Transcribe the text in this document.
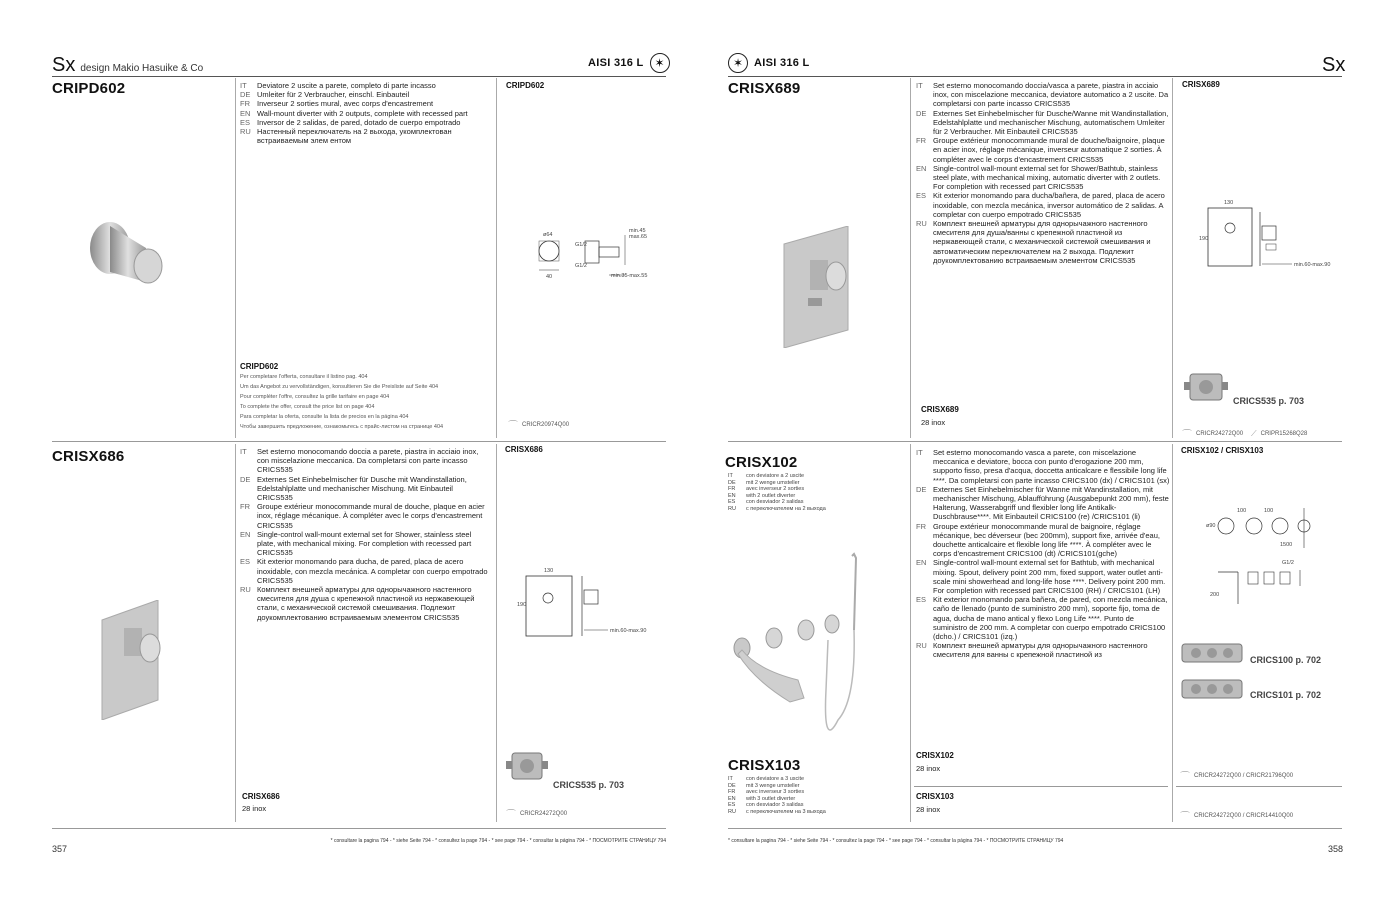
Sx design Makio Hasuike & Co	AISI 316 L ✶	✶ AISI 316 L	Sx
CRIPD602	IT	Deviatore 2 uscite a parete, completo di parte incasso
DE Umleiter für 2 Verbraucher, einschl. Einbauteil
FR Inverseur 2 sorties mural, avec corps d'encastrement
EN Wall-mount diverter with 2 outputs, complete with recessed part
ES Inversor de 2 salidas, de pared, dotado de cuerpo empotrado
RU Настенный переключатель на 2 выхода, укомплектован встраиваемым элем ентом
CRIPD602
Per completare l'offerta, consultare il listino pag. 404
Um das Angebot zu vervollständigen, konsultieren Sie die Preisliste auf Seite 404
Pour compléter l'offre, consultez la grille tarifaire en page 404
To complete the offer, consult the price list on page 404
Para completar la oferta, consulte la lista de precios en la página 404
Чтобы завершить предложение, ознакомьтесь с прайс-листом на странице 404
CRIPD602
ø64
G1/2
G1/2
40
min.45
max.65
min.35-max.55
⌒ CRICR20974Q00
CRISX686	IT	Set esterno monocomando doccia a parete, piastra in acciaio inox, con miscelazione meccanica. Da completarsi con parte incasso CRICS535
DE Externes Set Einhebelmischer für Dusche mit Wandinstallation, Edelstahlplatte und mechanischer Mischung. Mit Einbauteil CRICS535
FR Groupe extérieur monocommande mural de douche, plaque en acier inox, réglage mécanique. À compléter avec le corps d'encastrement CRICS535
EN Single-control wall-mount external set for Shower, stainless steel plate, with mechanical mixing. For completion with recessed part CRICS535
ES Kit exterior monomando para ducha, de pared, placa de acero inoxidable, con mezcla mecánica. A completar con cuerpo empotrado CRICS535
RU Комплект внешней арматуры для однорычажного настенного смесителя для душа с крепежной пластиной из нержавеющей стали, с механической системой смешивания. Подлежит доукомплектованию встраиваемым элементом CRICS535
CRISX686
28 inox
CRISX686
130
190
min.60-max.90
CRICS535 p. 703
⌒ CRICR24272Q00
357
* consultare la pagina 794 - * siehe Seite 794 - * consultez la page 794 - * see page 794 - * consultar la página 794 - * ПОСМОТРИТЕ СТРАНИЦУ 794
CRISX689	IT	Set esterno monocomando doccia/vasca a parete, piastra in acciaio inox, con miscelazione meccanica, deviatore automatico a 2 uscite. Da completarsi con parte incasso CRICS535
DE Externes Set Einhebelmischer für Dusche/Wanne mit Wandinstallation, Edelstahlplatte und mechanischer Mischung, automatischem Umleiter für 2 Verbraucher. Mit Einbauteil CRICS535
FR Groupe extérieur monocommande mural de douche/baignoire, plaque en acier inox, réglage mécanique, inverseur automatique 2 sorties. À compléter avec le corps d'encastrement CRICS535
EN Single-control wall-mount external set for Shower/Bathtub, stainless steel plate, with mechanical mixing, automatic diverter with 2 outlets. For completion with recessed part CRICS535
ES Kit exterior monomando para ducha/bañera, de pared, placa de acero inoxidable, con mezcla mecánica, inversor automático de 2 salidas. A completar con cuerpo empotrado CRICS535
RU Комплект внешней арматуры для однорычажного настенного смесителя для душа/ванны с крепежной пластиной из нержавеющей стали, с механической системой смешивания и автоматическим переключателем на 2 выхода. Подлежит доукомплектованию встраиваемым элементом CRICS535
CRISX689
28 inox
CRISX689
130
190
min.60-max.90
CRICS535 p. 703
⌒ CRICR24272Q00 ⟋ CRIPR15268Q28
CRISX102
IT	con deviatore a 2 uscite
DE	mit 2 wenge umsteller
FR	avec inverseur 2 sorties
EN	with 2 outlet diverter
ES	con desviador 2 salidas
RU	с переключателем на 2 выхода
CRISX103
IT	con deviatore a 3 uscite
DE	mit 3 wenge umsteller
FR	avec inverseur 3 sorties
EN	with 3 outlet diverter
ES	con desviador 3 salidas
RU	с переключателем на 3 выхода
IT	Set esterno monocomando vasca a parete, con miscelazione meccanica e deviatore, bocca con punto d'erogazione 200 mm, supporto fisso, presa d'acqua, doccetta anticalcare e flessibile long life ****. Da completarsi con parte incasso CRICS100 (dx) / CRICS101 (sx)
DE Externes Set Einhebelmischer für Wanne mit Wandinstallation, mit mechanischer Mischung, Ablaufführung (Ausgabepunkt 200 mm), feste Halterung, Wasserabgriff und flexibler long life Antikalk-Duschbrause****. Mit Einbauteil CRICS100 (re) /CRICS101 (li)
FR Groupe extérieur monocommande mural de baignoire, réglage mécanique, bec déverseur (bec 200mm), support fixe, arrivée d'eau, douchette anticalcaire et flexible long life ****. À compléter avec le corps d'encastrement CRICS100 (dt) /CRICS101(gche)
EN Single-control wall-mount external set for Bathtub, with mechanical mixing. Spout, delivery point 200 mm, fixed support, water outlet anti-scale mini showerhead and long-life hose ****. Delivery point 200 mm. For completion with recessed part CRICS100 (RH) / CRICS101 (LH)
ES Kit exterior monomando para bañera, de pared, con mezcla mecánica, caño de llenado (punto de suministro 200 mm), soporte fijo, toma de agua, ducha de mano antical y flexo Long Life ****. Punto de suministro de 200 mm. A completar con cuerpo empotrado CRICS100 (dcho.) / CRICS101 (izq.)
RU Комплект внешней арматуры для однорычажного настенного смесителя для ванны с крепежной пластиной из
CRISX102
28 inox
CRISX103
28 inox
CRISX102 / CRISX103
100	100
ø90
1500
G1/2
200
CRICS100 p. 702
CRICS101 p. 702
⌒ CRICR24272Q00 / CRICR21796Q00
⌒ CRICR24272Q00 / CRICR14410Q00
* consultare la pagina 794 - * siehe Seite 794 - * consultez la page 794 - * see page 794 - * consultar la página 794 - * ПОСМОТРИТЕ СТРАНИЦУ 794
358
